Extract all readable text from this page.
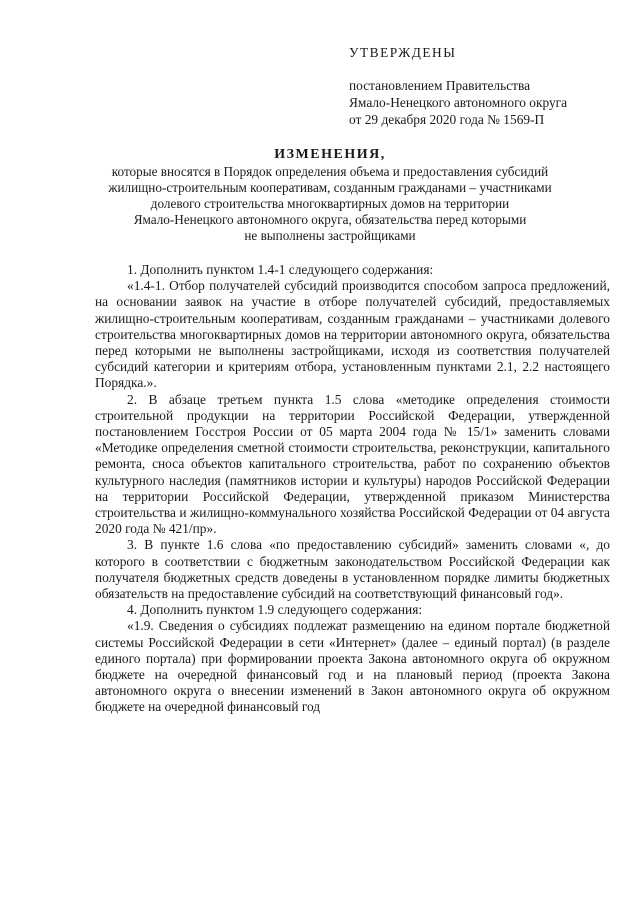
УТВЕРЖДЕНЫ
постановлением Правительства
Ямало-Ненецкого автономного округа
от 29 декабря 2020 года № 1569-П
ИЗМЕНЕНИЯ,
которые вносятся в Порядок определения объема и предоставления субсидий
жилищно-строительным кооперативам, созданным гражданами – участниками
долевого строительства многоквартирных домов на территории
Ямало-Ненецкого автономного округа, обязательства перед которыми
не выполнены застройщиками

1. Дополнить пунктом 1.4-1 следующего содержания:

«1.4-1. Отбор получателей субсидий производится способом запроса предложений, на основании заявок на участие в отборе получателей субсидий, предоставляемых жилищно-строительным кооперативам, созданным гражданами – участниками долевого строительства многоквартирных домов на территории автономного округа, обязательства перед которыми не выполнены застройщиками, исходя из соответствия получателей субсидий категории и критериям отбора, установленным пунктами 2.1, 2.2 настоящего Порядка.».

2. В абзаце третьем пункта 1.5 слова «методике определения стоимости строительной продукции на территории Российской Федерации, утвержденной постановлением Госстроя России от 05 марта 2004 года № 15/1» заменить словами «Методике определения сметной стоимости строительства, реконструкции, капитального ремонта, сноса объектов капитального строительства, работ по сохранению объектов культурного наследия (памятников истории и культуры) народов Российской Федерации на территории Российской Федерации, утвержденной приказом Министерства строительства и жилищно-коммунального хозяйства Российской Федерации от 04 августа 2020 года № 421/пр».

3. В пункте 1.6 слова «по предоставлению субсидий» заменить словами «, до которого в соответствии с бюджетным законодательством Российской Федерации как получателя бюджетных средств доведены в установленном порядке лимиты бюджетных обязательств на предоставление субсидий на соответствующий финансовый год».

4. Дополнить пунктом 1.9 следующего содержания:

«1.9. Сведения о субсидиях подлежат размещению на едином портале бюджетной системы Российской Федерации в сети «Интернет» (далее – единый портал) (в разделе единого портала) при формировании проекта Закона автономного округа об окружном бюджете на очередной финансовый год и на плановый период (проекта Закона автономного округа о внесении изменений в Закон автономного округа об окружном бюджете на очередной финансовый год
